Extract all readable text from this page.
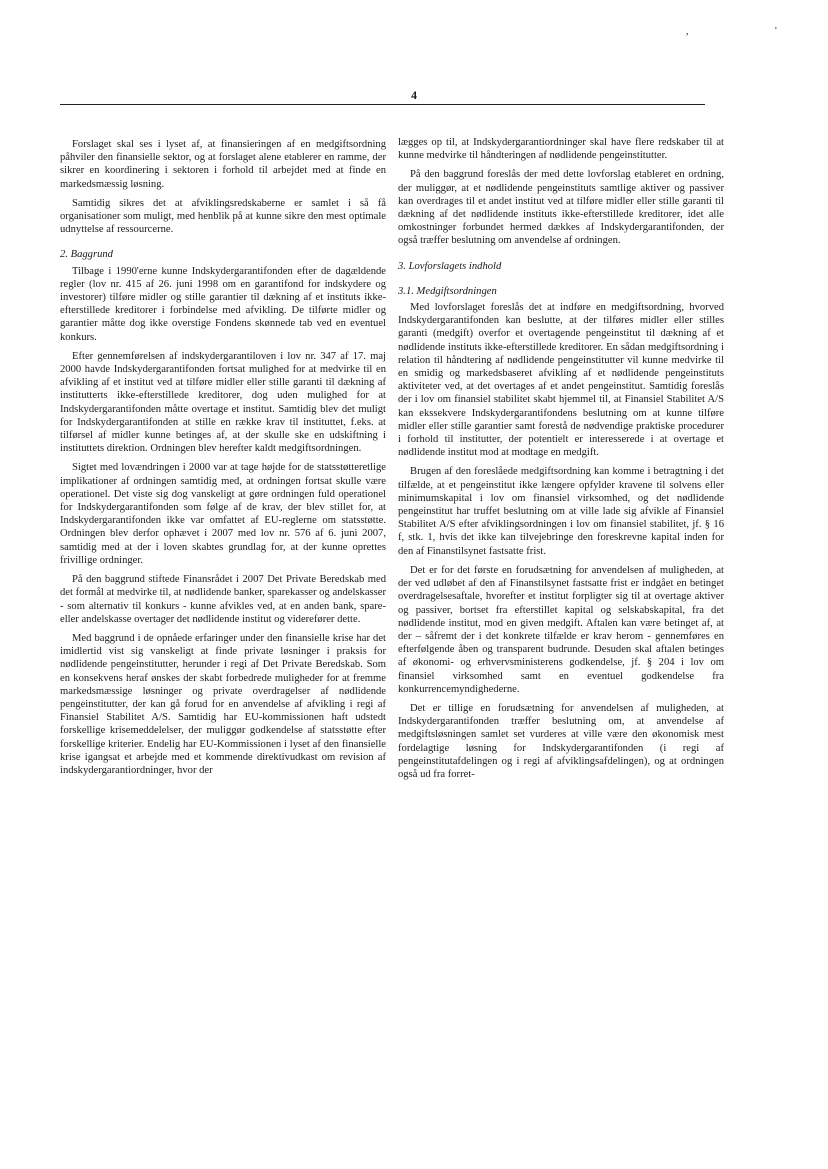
, '
4

Forslaget skal ses i lyset af, at finansieringen af en medgiftsordning påhviler den finansielle sektor, og at forslaget alene etablerer en ramme, der sikrer en koordinering i sektoren i forhold til arbejdet med at finde en markedsmæssig løsning.

Samtidig sikres det at afviklingsredskaberne er samlet i så få organisationer som muligt, med henblik på at kunne sikre den mest optimale udnyttelse af ressourcerne.

2. Baggrund

Tilbage i 1990'erne kunne Indskydergarantifonden efter de dagældende regler (lov nr. 415 af 26. juni 1998 om en garantifond for indskydere og investorer) tilføre midler og stille garantier til dækning af et instituts ikke-efterstillede kreditorer i forbindelse med afvikling. De tilførte midler og garantier måtte dog ikke overstige Fondens skønnede tab ved en eventuel konkurs.

Efter gennemførelsen af indskydergarantiloven i lov nr. 347 af 17. maj 2000 havde Indskydergarantifonden fortsat mulighed for at medvirke til en afvikling af et institut ved at tilføre midler eller stille garanti til dækning af institutterts ikke-efterstillede kreditorer, dog uden mulighed for at Indskydergarantifonden måtte overtage et institut. Samtidig blev det muligt for Indskydergarantifonden at stille en række krav til instituttet, f.eks. at tilførsel af midler kunne betinges af, at der skulle ske en udskiftning i instituttets direktion. Ordningen blev herefter kaldt medgiftsordningen.

Sigtet med lovændringen i 2000 var at tage højde for de statsstøtteretlige implikationer af ordningen samtidig med, at ordningen fortsat skulle være operationel. Det viste sig dog vanskeligt at gøre ordningen fuld operationel for Indskydergarantifonden som følge af de krav, der blev stillet for, at Indskydergarantifonden ikke var omfattet af EU-reglerne om statsstøtte. Ordningen blev derfor ophævet i 2007 med lov nr. 576 af 6. juni 2007, samtidig med at der i loven skabtes grundlag for, at der kunne oprettes frivillige ordninger.

På den baggrund stiftede Finansrådet i 2007 Det Private Beredskab med det formål at medvirke til, at nødlidende banker, sparekasser og andelskasser - som alternativ til konkurs - kunne afvikles ved, at en anden bank, spare- eller andelskasse overtager det nødlidende institut og viderefører dette.

Med baggrund i de opnåede erfaringer under den finansielle krise har det imidlertid vist sig vanskeligt at finde private løsninger i praksis for nødlidende pengeinstitutter, herunder i regi af Det Private Beredskab. Som en konsekvens heraf ønskes der skabt forbedrede muligheder for at fremme markedsmæssige løsninger og private overdragelser af nødlidende pengeinstitutter, der kan gå forud for en anvendelse af afvikling i regi af Finansiel Stabilitet A/S. Samtidig har EU-kommissionen haft udstedt forskellige krisemeddelelser, der muliggør godkendelse af statsstøtte efter forskellige kriterier. Endelig har EU-Kommissionen i lyset af den finansielle krise igangsat et arbejde med et kommende direktivudkast om revision af indskydergarantiordninger, hvor der

lægges op til, at Indskydergarantiordninger skal have flere redskaber til at kunne medvirke til håndteringen af nødlidende pengeinstitutter.

På den baggrund foreslås der med dette lovforslag etableret en ordning, der muliggør, at et nødlidende pengeinstituts samtlige aktiver og passiver kan overdrages til et andet institut ved at tilføre midler eller stille garanti til dækning af det nødlidende instituts ikke-efterstillede kreditorer, idet alle omkostninger forbundet hermed dækkes af Indskydergarantifonden, der også træffer beslutning om anvendelse af ordningen.

3. Lovforslagets indhold
3.1. Medgiftsordningen

Med lovforslaget foreslås det at indføre en medgiftsordning, hvorved Indskydergarantifonden kan beslutte, at der tilføres midler eller stilles garanti (medgift) overfor et overtagende pengeinstitut til dækning af et nødlidende instituts ikke-efterstillede kreditorer. En sådan medgiftsordning i relation til håndtering af nødlidende pengeinstitutter vil kunne medvirke til en smidig og markedsbaseret afvikling af et nødlidende pengeinstituts aktiviteter ved, at det overtages af et andet pengeinstitut. Samtidig foreslås der i lov om finansiel stabilitet skabt hjemmel til, at Finansiel Stabilitet A/S kan ekssekvere Indskydergarantifondens beslutning om at kunne tilføre midler eller stille garantier samt forestå de nødvendige praktiske procedurer i forhold til institutter, der potentielt er interesserede i at overtage et nødlidende institut mod at modtage en medgift.

Brugen af den foreslåede medgiftsordning kan komme i betragtning i det tilfælde, at et pengeinstitut ikke længere opfylder kravene til solvens eller minimumskapital i lov om finansiel virksomhed, og det nødlidende pengeinstitut har truffet beslutning om at ville lade sig afvikle af Finansiel Stabilitet A/S efter afviklingsordningen i lov om finansiel stabilitet, jf. § 16 f, stk. 1, hvis det ikke kan tilvejebringe den foreskrevne kapital inden for den af Finanstilsynet fastsatte frist.

Det er for det første en forudsætning for anvendelsen af muligheden, at der ved udløbet af den af Finanstilsynet fastsatte frist er indgået en betinget overdragelsesaftale, hvorefter et institut forpligter sig til at overtage aktiver og passiver, bortset fra efterstillet kapital og selskabskapital, fra det nødlidende institut, mod en given medgift. Aftalen kan være betinget af, at der – såfremt der i det konkrete tilfælde er krav herom - gennemføres en efterfølgende åben og transparent budrunde. Desuden skal aftalen betinges af økonomi- og erhvervsministerens godkendelse, jf. § 204 i lov om finansiel virksomhed samt en eventuel godkendelse fra konkurrencemyndighederne.

Det er tillige en forudsætning for anvendelsen af muligheden, at Indskydergarantifonden træffer beslutning om, at anvendelse af medgiftsløsningen samlet set vurderes at ville være den økonomisk mest fordelagtige løsning for Indskydergarantifonden (i regi af pengeinstitutafdelingen og i regi af afviklingsafdelingen), og at ordningen også ud fra forret-
